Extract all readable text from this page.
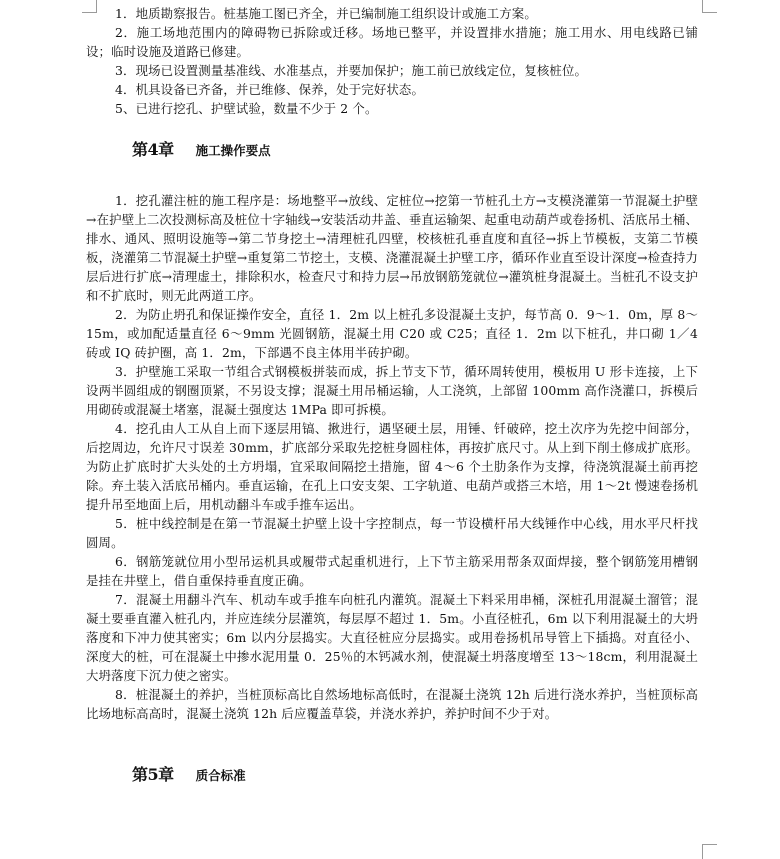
1．地质勘察报告。桩基施工图已齐全，并已编制施工组织设计或施工方案。

2．施工场地范围内的障碍物已拆除或迁移。场地已整平，并设置排水措施；施工用水、用电线路已铺设；临时设施及道路已修建。

3．现场已设置测量基准线、水准基点，并要加保护；施工前已放线定位，复核桩位。

4．机具设备已齐备，并已维修、保养，处于完好状态。

5、已进行挖孔、护壁试验，数量不少于 2 个。

第4章 施工操作要点

1．挖孔灌注桩的施工程序是：场地整平→放线、定桩位→挖第一节桩孔土方→支模浇灌第一节混凝土护壁→在护壁上二次投测标高及桩位十字轴线→安装活动井盖、垂直运输架、起重电动葫芦或卷扬机、活底吊土桶、排水、通风、照明设施等→第二节身挖土→清理桩孔四壁，校核桩孔垂直度和直径→拆上节模板，支第二节模板，浇灌第二节混凝土护壁→重复第二节挖土，支模、浇灌混凝土护壁工序，循环作业直至设计深度→检查持力层后进行扩底→清理虚土，排除积水，检查尺寸和持力层→吊放钢筋笼就位→灌筑桩身混凝土。当桩孔不设支护和不扩底时，则无此两道工序。

2．为防止坍孔和保证操作安全，直径 1．2m 以上桩孔多设混凝土支护，每节高 0．9～1．0m，厚 8～15m，或加配适量直径 6～9mm 光圆钢筋，混凝土用 C20 或 C25；直径 1．2m 以下桩孔，井口砌 1／4 砖或 IQ 砖护圈，高 1．2m，下部遇不良主体用半砖护砌。

3．护壁施工采取一节组合式钢模板拼装而成，拆上节支下节，循环周转使用，模板用 U 形卡连接，上下设两半圆组成的钢圈顶紧，不另设支撑；混凝土用吊桶运输，人工浇筑，上部留 100mm 高作浇灌口，拆模后用砌砖或混凝土堵塞，混凝土强度达 1MPa 即可拆模。

4．挖孔由人工从自上而下逐层用镐、揪进行，遇坚硬土层，用锤、钎破碎，挖土次序为先挖中间部分，后挖周边，允许尺寸误差 30mm，扩底部分采取先挖桩身圆柱体，再按扩底尺寸。从上到下削土修成扩底形。为防止扩底时扩大头处的土方坍塌，宜采取间隔挖土措施，留 4～6 个土肋条作为支撑，待浇筑混凝土前再挖除。弃土装入活底吊桶内。垂直运输，在孔上口安支架、工字轨道、电葫芦或搭三木培，用 1～2t 慢速卷扬机提升吊至地面上后，用机动翻斗车或手推车运出。

5．桩中线控制是在第一节混凝土护壁上设十字控制点，每一节设横杆吊大线锤作中心线，用水平尺杆找圆周。

6．钢筋笼就位用小型吊运机具或履带式起重机进行，上下节主筋采用帮条双面焊接，整个钢筋笼用槽钢是挂在井壁上，借自重保持垂直度正确。

7．混凝土用翻斗汽车、机动车或手推车向桩孔内灌筑。混凝土下料采用串桶，深桩孔用混凝土溜管；混凝土要垂直灌入桩孔内，并应连续分层灌筑，每层厚不超过 1．5m。小直径桩孔，6m 以下利用混凝土的大坍落度和下冲力使其密实；6m 以内分层捣实。大直径桩应分层捣实。或用卷扬机吊导管上下插捣。对直径小、深度大的桩，可在混凝土中掺水泥用量 0．25％的木钙减水剂，使混凝土坍落度增至 13～18cm，利用混凝土大坍落度下沉力使之密实。

8．桩混凝土的养护，当桩顶标高比自然场地标高低时，在混凝土浇筑 12h 后进行浇水养护，当桩顶标高比场地标高高时，混凝土浇筑 12h 后应覆盖草袋，并浇水养护，养护时间不少于对。

第5章 质合标准
